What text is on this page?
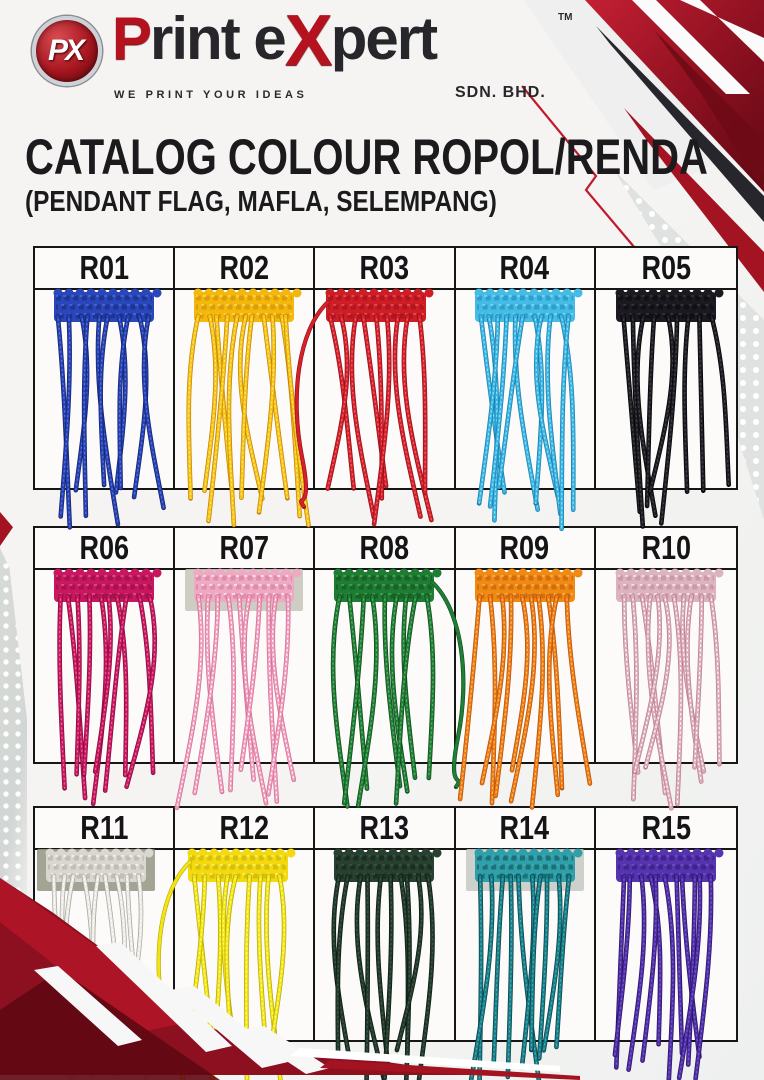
PX Print eXpert	TM
WE PRINT YOUR IDEAS	SDN. BHD.
CATALOG COLOUR ROPOL/RENDA
(PENDANT FLAG, MAFLA, SELEMPANG)
R01	R02	R03	R04	R05
R06	R07	R08	R09	R10
R11	R12	R13	R14	R15
